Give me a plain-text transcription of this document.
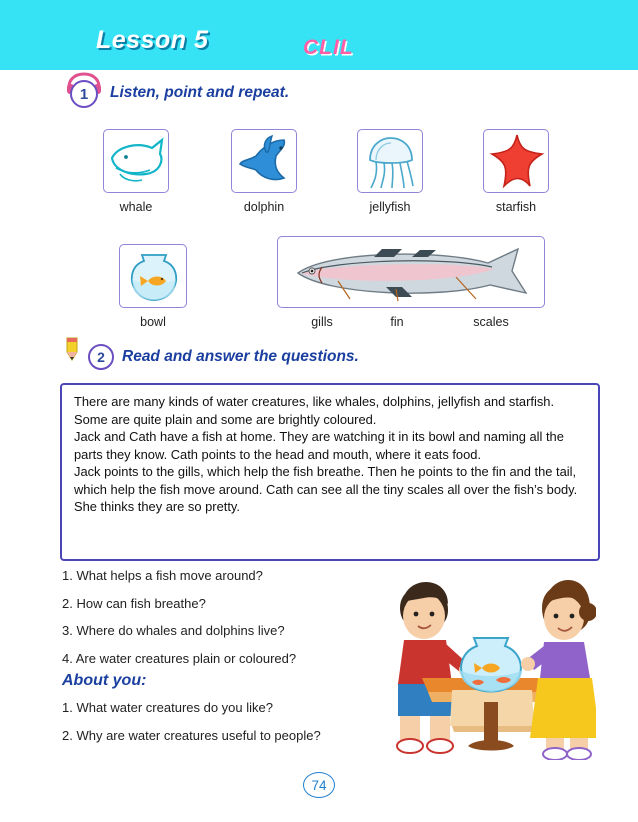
Lesson 5	CLIL
1	Listen, point and repeat.
whale	dolphin	jellyfish	starfish
bowl	gills	fin	scales
2	Read and answer the questions.

There are many kinds of water creatures, like whales, dolphins, jellyfish and starfish. Some are quite plain and some are brightly coloured.

Jack and Cath have a fish at home. They are watching it in its bowl and naming all the parts they know. Cath points to the head and mouth, where it eats food.

Jack points to the gills, which help the fish breathe. Then he points to the fin and the tail, which help the fish move around. Cath can see all the tiny scales all over the fish’s body. She thinks they are so pretty.

1. What helps a fish move around?
2. How can fish breathe?
3. Where do whales and dolphins live?
4. Are water creatures plain or coloured?
About you:
1. What water creatures do you like?
2. Why are water creatures useful to people?
74
